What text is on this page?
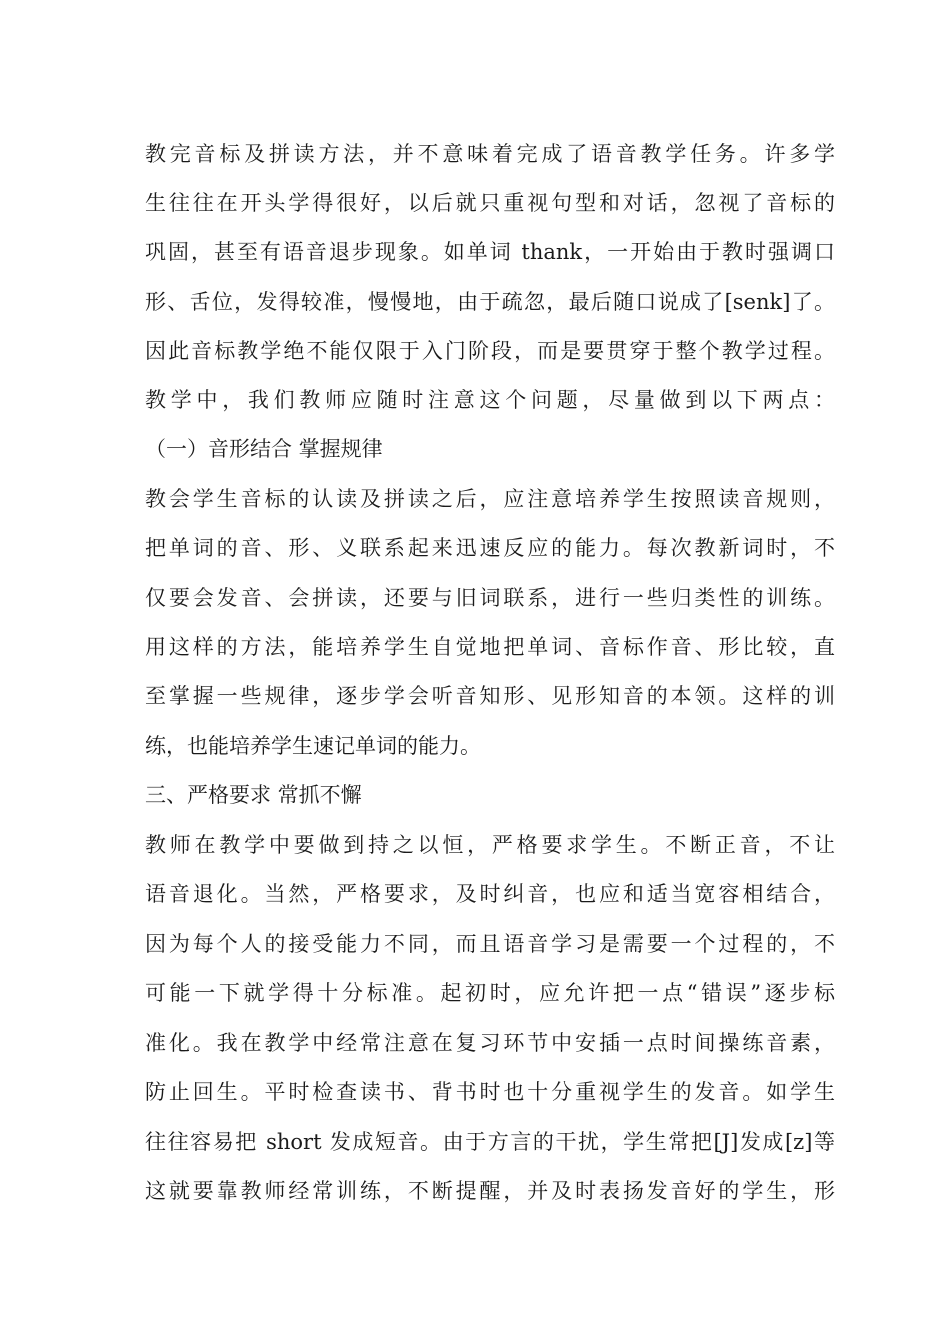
教完音标及拼读方法，并不意味着完成了语音教学任务。许多学
生往往在开头学得很好，以后就只重视句型和对话，忽视了音标的
巩固，甚至有语音退步现象。如单词 thank，一开始由于教时强调口
形、舌位，发得较准，慢慢地，由于疏忽，最后随口说成了[senk]了。
因此音标教学绝不能仅限于入门阶段，而是要贯穿于整个教学过程。
教学中，我们教师应随时注意这个问题，尽量做到以下两点：
（一）音形结合 掌握规律
教会学生音标的认读及拼读之后，应注意培养学生按照读音规则，
把单词的音、形、义联系起来迅速反应的能力。每次教新词时，不
仅要会发音、会拼读，还要与旧词联系，进行一些归类性的训练。
用这样的方法，能培养学生自觉地把单词、音标作音、形比较，直
至掌握一些规律，逐步学会听音知形、见形知音的本领。这样的训
练，也能培养学生速记单词的能力。
三、严格要求 常抓不懈
教师在教学中要做到持之以恒，严格要求学生。不断正音，不让
语音退化。当然，严格要求，及时纠音，也应和适当宽容相结合，
因为每个人的接受能力不同，而且语音学习是需要一个过程的，不
可能一下就学得十分标准。起初时，应允许把一点“错误”逐步标
准化。我在教学中经常注意在复习环节中安插一点时间操练音素，
防止回生。平时检查读书、背书时也十分重视学生的发音。如学生
往往容易把 short 发成短音。由于方言的干扰，学生常把[J]发成[z]等
这就要靠教师经常训练，不断提醒，并及时表扬发音好的学生，形
